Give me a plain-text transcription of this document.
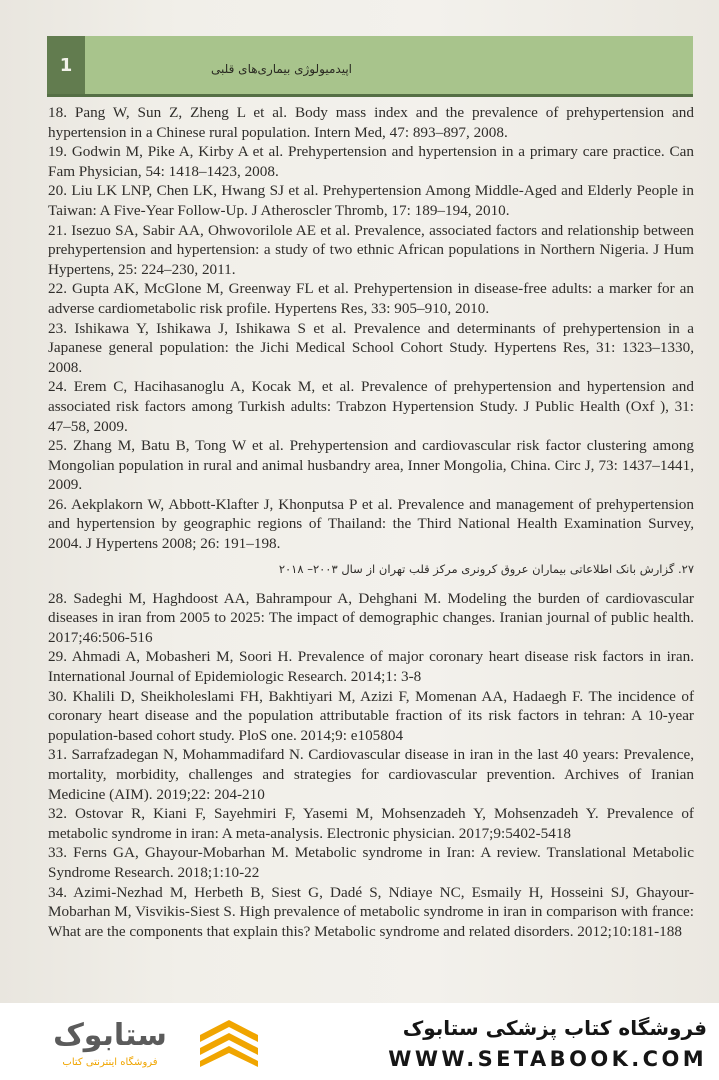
1	اپیدمیولوژی بیماری‌های قلبی

18. Pang W, Sun Z, Zheng L et al. Body mass index and the prevalence of prehypertension and hypertension in a Chinese rural population. Intern Med, 47: 893–897, 2008.

19. Godwin M, Pike A, Kirby A et al. Prehypertension and hypertension in a primary care practice. Can Fam Physician, 54: 1418–1423, 2008.

20. Liu LK LNP, Chen LK, Hwang SJ et al. Prehypertension Among Middle-Aged and Elderly People in Taiwan: A Five-Year Follow-Up. J Atheroscler Thromb, 17: 189–194, 2010.

21. Isezuo SA, Sabir AA, Ohwovorilole AE et al. Prevalence, associated factors and relationship between prehypertension and hypertension: a study of two ethnic African populations in Northern Nigeria. J Hum Hypertens, 25: 224–230, 2011.

22. Gupta AK, McGlone M, Greenway FL et al. Prehypertension in disease-free adults: a marker for an adverse cardiometabolic risk profile. Hypertens Res, 33: 905–910, 2010.

23. Ishikawa Y, Ishikawa J, Ishikawa S et al. Prevalence and determinants of prehypertension in a Japanese general population: the Jichi Medical School Cohort Study. Hypertens Res, 31: 1323–1330, 2008.

24. Erem C, Hacihasanoglu A, Kocak M, et al. Prevalence of prehypertension and hypertension and associated risk factors among Turkish adults: Trabzon Hypertension Study. J Public Health (Oxf ), 31: 47–58, 2009.

25. Zhang M, Batu B, Tong W et al. Prehypertension and cardiovascular risk factor clustering among Mongolian population in rural and animal husbandry area, Inner Mongolia, China. Circ J, 73: 1437–1441, 2009.

26. Aekplakorn W, Abbott-Klafter J, Khonputsa P et al. Prevalence and management of prehypertension and hypertension by geographic regions of Thailand: the Third National Health Examination Survey, 2004. J Hypertens 2008; 26: 191–198.

۲۷. گزارش بانک اطلاعاتی بیماران عروق کرونری مرکز قلب تهران از سال ۲۰۰۳– ۲۰۱۸

28. Sadeghi M, Haghdoost AA, Bahrampour A, Dehghani M. Modeling the burden of cardiovascular diseases in iran from 2005 to 2025: The impact of demographic changes. Iranian journal of public health. 2017;46:506-516

29. Ahmadi A, Mobasheri M, Soori H. Prevalence of major coronary heart disease risk factors in iran. International Journal of Epidemiologic Research. 2014;1: 3-8

30. Khalili D, Sheikholeslami FH, Bakhtiyari M, Azizi F, Momenan AA, Hadaegh F. The incidence of coronary heart disease and the population attributable fraction of its risk factors in tehran: A 10-year population-based cohort study. PloS one. 2014;9: e105804

31. Sarrafzadegan N, Mohammadifard N. Cardiovascular disease in iran in the last 40 years: Prevalence, mortality, morbidity, challenges and strategies for cardiovascular prevention. Archives of Iranian Medicine (AIM). 2019;22: 204-210

32. Ostovar R, Kiani F, Sayehmiri F, Yasemi M, Mohsenzadeh Y, Mohsenzadeh Y. Prevalence of metabolic syndrome in iran: A meta-analysis. Electronic physician. 2017;9:5402-5418

33. Ferns GA, Ghayour-Mobarhan M. Metabolic syndrome in Iran: A review. Translational Metabolic Syndrome Research. 2018;1:10-22

34. Azimi-Nezhad M, Herbeth B, Siest G, Dadé S, Ndiaye NC, Esmaily H, Hosseini SJ, Ghayour-Mobarhan M, Visvikis-Siest S. High prevalence of metabolic syndrome in iran in comparison with france: What are the components that explain this? Metabolic syndrome and related disorders. 2012;10:181-188

ستابوک
فروشگاه اینترنتی کتاب
فروشگاه کتاب پزشکی ستابوک
WWW.SETABOOK.COM
